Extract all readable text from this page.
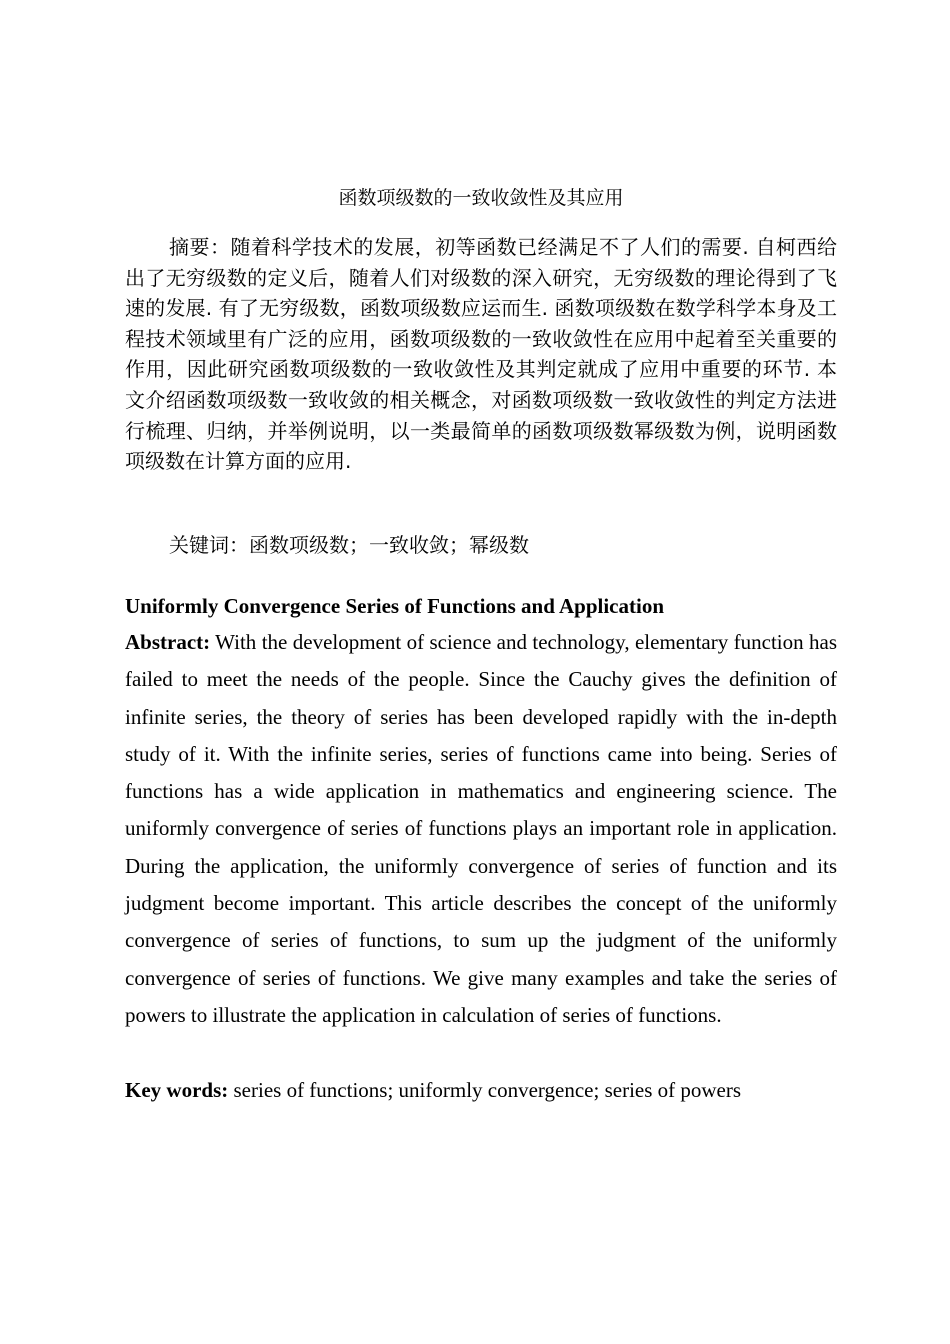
函数项级数的一致收敛性及其应用

摘要：随着科学技术的发展，初等函数已经满足不了人们的需要. 自柯西给出了无穷级数的定义后，随着人们对级数的深入研究，无穷级数的理论得到了飞速的发展. 有了无穷级数，函数项级数应运而生. 函数项级数在数学科学本身及工程技术领域里有广泛的应用，函数项级数的一致收敛性在应用中起着至关重要的作用，因此研究函数项级数的一致收敛性及其判定就成了应用中重要的环节. 本文介绍函数项级数一致收敛的相关概念，对函数项级数一致收敛性的判定方法进行梳理、归纳，并举例说明，以一类最简单的函数项级数幂级数为例，说明函数项级数在计算方面的应用.

关键词：函数项级数；一致收敛；幂级数

Uniformly Convergence Series of Functions and Application

Abstract: With the development of science and technology, elementary function has failed to meet the needs of the people. Since the Cauchy gives the definition of infinite series, the theory of series has been developed rapidly with the in-depth study of it. With the infinite series, series of functions came into being. Series of functions has a wide application in mathematics and engineering science. The uniformly convergence of series of functions plays an important role in application. During the application, the uniformly convergence of series of function and its judgment become important. This article describes the concept of the uniformly convergence of series of functions, to sum up the judgment of the uniformly convergence of series of functions. We give many examples and take the series of powers to illustrate the application in calculation of series of functions.

Key words: series of functions; uniformly convergence; series of powers
